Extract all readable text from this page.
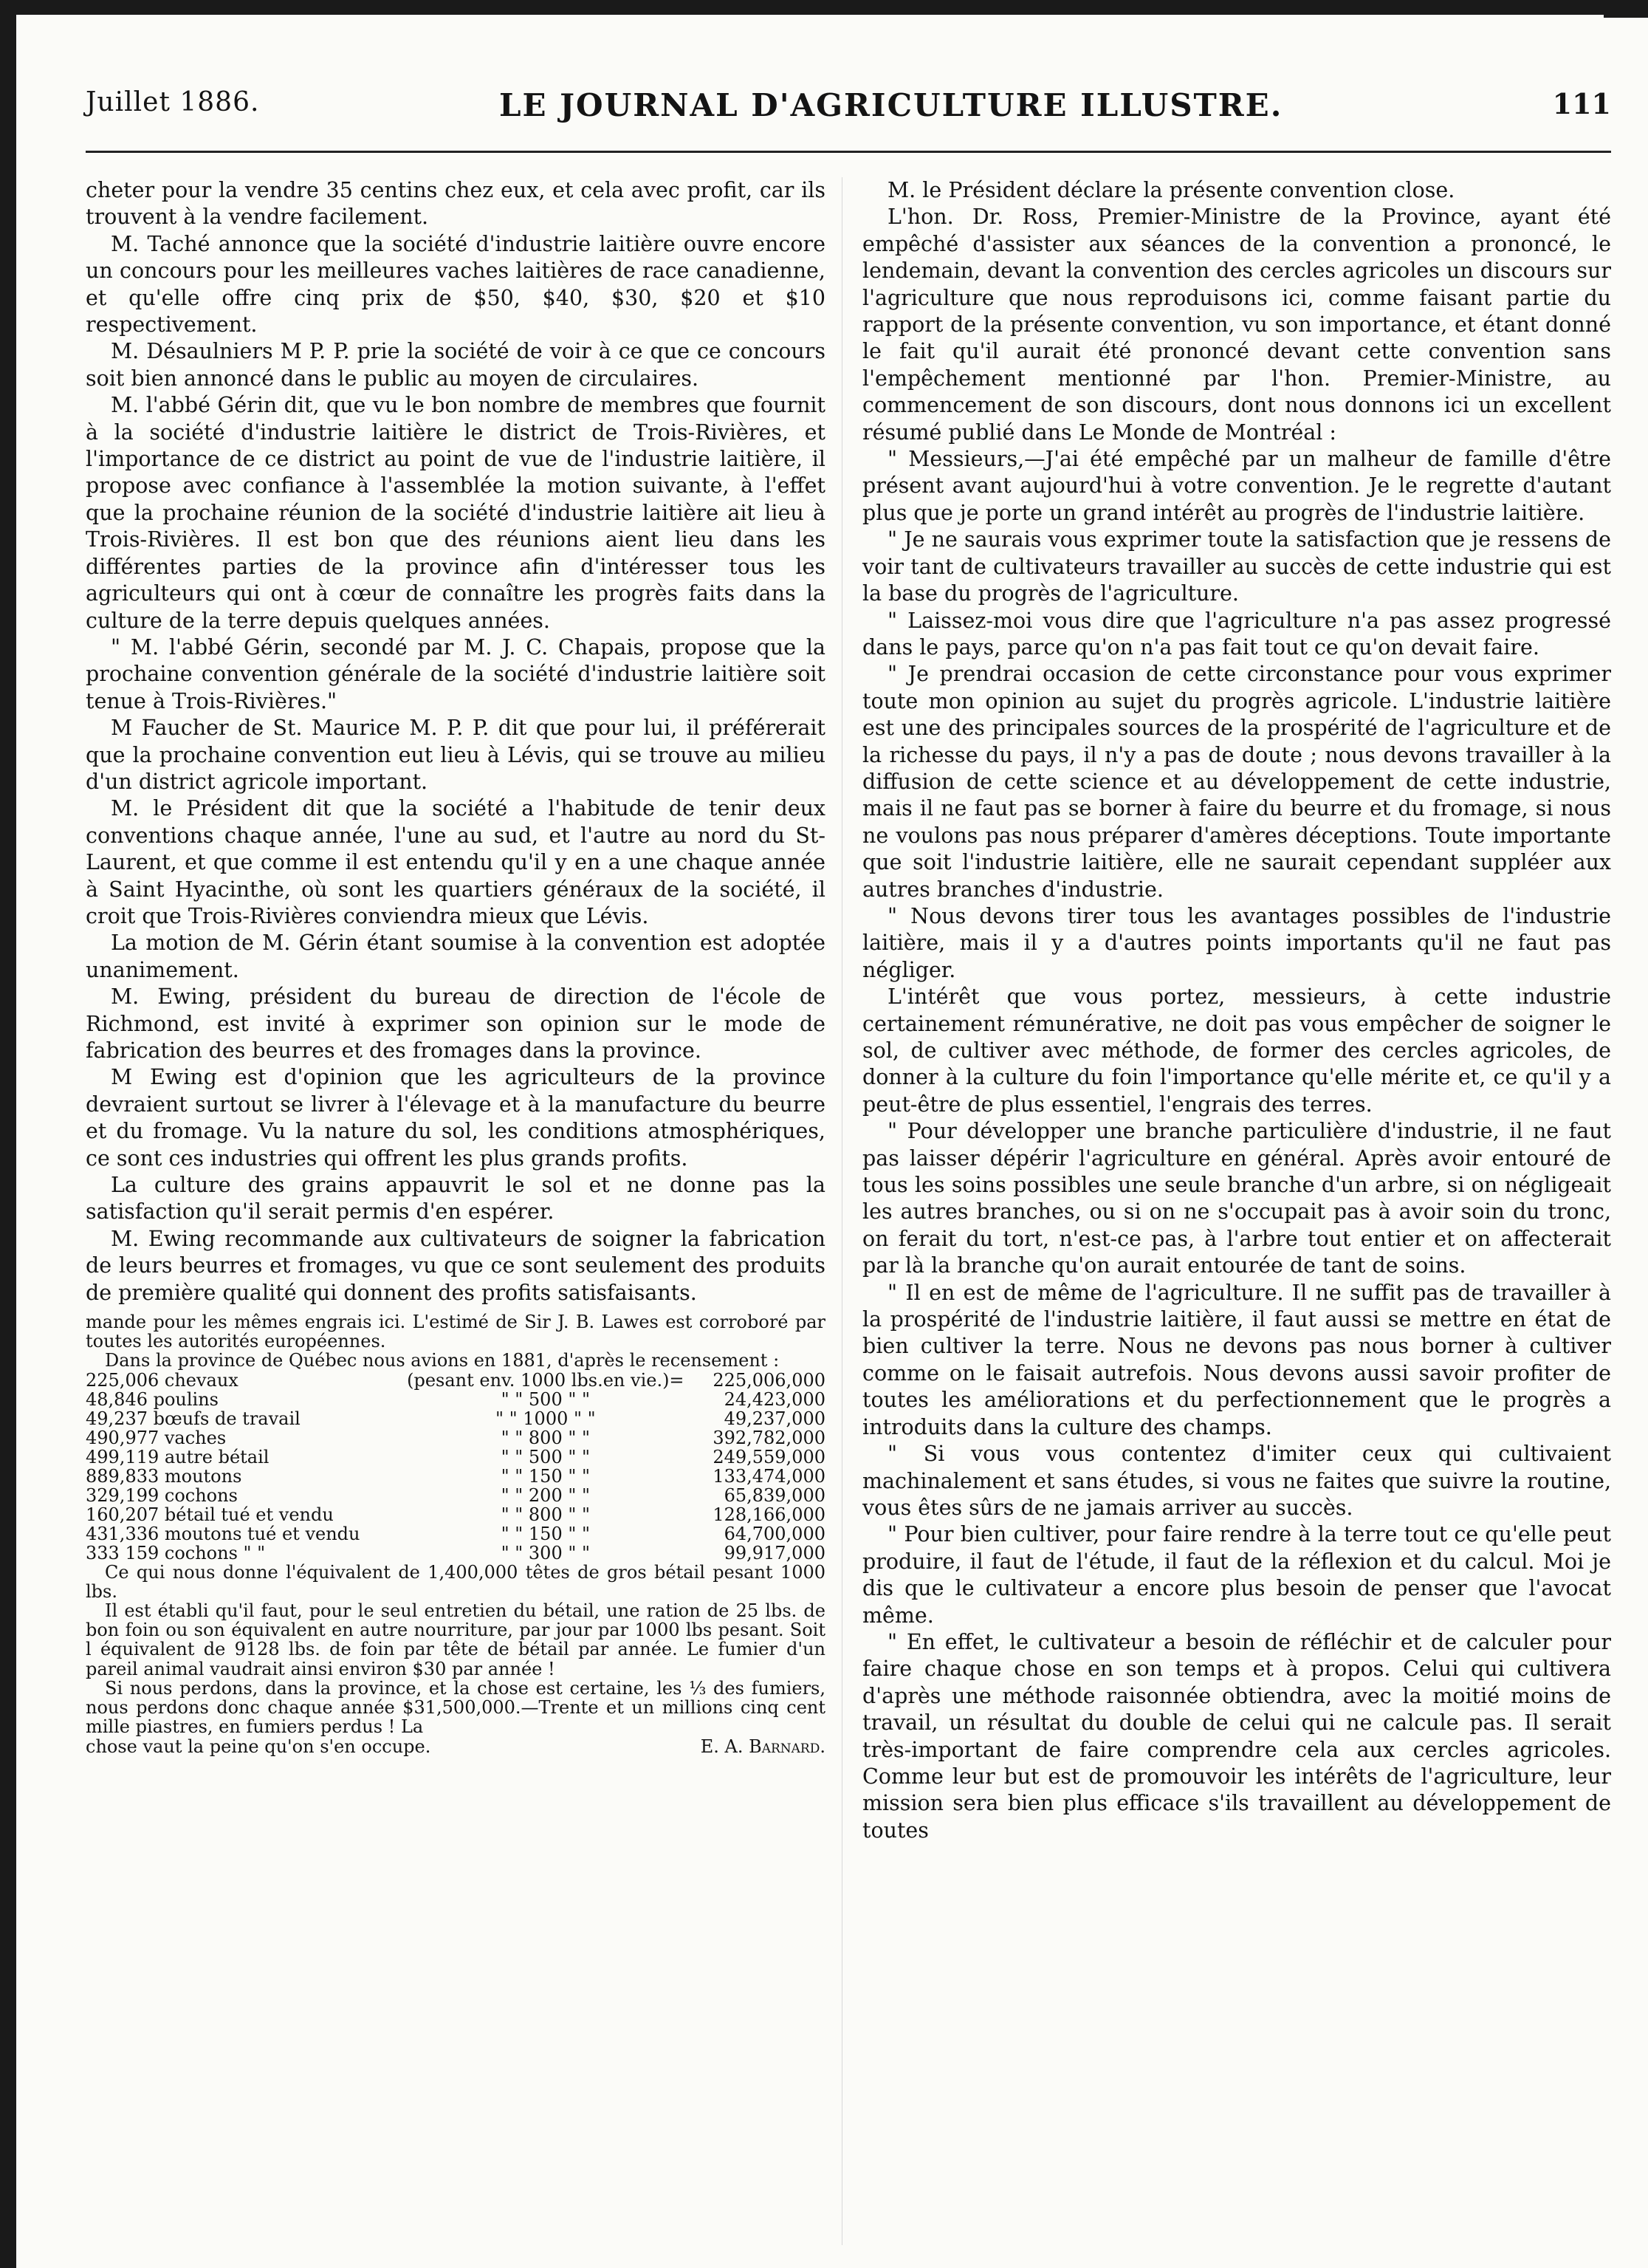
Juillet 1886.	LE JOURNAL D'AGRICULTURE ILLUSTRE.	111

cheter pour la vendre 35 centins chez eux, et cela avec profit, car ils trouvent à la vendre facilement.

M. Taché annonce que la société d'industrie laitière ouvre encore un concours pour les meilleures vaches laitières de race canadienne, et qu'elle offre cinq prix de $50, $40, $30, $20 et $10 respectivement.

M. Désaulniers M P. P. prie la société de voir à ce que ce concours soit bien annoncé dans le public au moyen de circulaires.

M. l'abbé Gérin dit, que vu le bon nombre de membres que fournit à la société d'industrie laitière le district de Trois-Rivières, et l'importance de ce district au point de vue de l'industrie laitière, il propose avec confiance à l'assemblée la motion suivante, à l'effet que la prochaine réunion de la société d'industrie laitière ait lieu à Trois-Rivières. Il est bon que des réunions aient lieu dans les différentes parties de la province afin d'intéresser tous les agriculteurs qui ont à cœur de connaître les progrès faits dans la culture de la terre depuis quelques années.

" M. l'abbé Gérin, secondé par M. J. C. Chapais, propose que la prochaine convention générale de la société d'industrie laitière soit tenue à Trois-Rivières."

M Faucher de St. Maurice M. P. P. dit que pour lui, il préférerait que la prochaine convention eut lieu à Lévis, qui se trouve au milieu d'un district agricole important.

M. le Président dit que la société a l'habitude de tenir deux conventions chaque année, l'une au sud, et l'autre au nord du St-Laurent, et que comme il est entendu qu'il y en a une chaque année à Saint Hyacinthe, où sont les quartiers généraux de la société, il croit que Trois-Rivières conviendra mieux que Lévis.

La motion de M. Gérin étant soumise à la convention est adoptée unanimement.

M. Ewing, président du bureau de direction de l'école de Richmond, est invité à exprimer son opinion sur le mode de fabrication des beurres et des fromages dans la province.

M Ewing est d'opinion que les agriculteurs de la province devraient surtout se livrer à l'élevage et à la manufacture du beurre et du fromage. Vu la nature du sol, les conditions atmosphériques, ce sont ces industries qui offrent les plus grands profits.

La culture des grains appauvrit le sol et ne donne pas la satisfaction qu'il serait permis d'en espérer.

M. Ewing recommande aux cultivateurs de soigner la fabrication de leurs beurres et fromages, vu que ce sont seulement des produits de première qualité qui donnent des profits satisfaisants.

mande pour les mêmes engrais ici. L'estimé de Sir J. B. Lawes est corroboré par toutes les autorités européennes.

Dans la province de Québec nous avions en 1881, d'après le recensement :

225,006 chevaux	(pesant env. 1000 lbs.en vie.)=	225,006,000
48,846 poulins	" " 500 " "	24,423,000
49,237 bœufs de travail	" " 1000 " "	49,237,000
490,977 vaches	" " 800 " "	392,782,000
499,119 autre bétail	" " 500 " "	249,559,000
889,833 moutons	" " 150 " "	133,474,000
329,199 cochons	" " 200 " "	65,839,000
160,207 bétail tué et vendu	" " 800 " "	128,166,000
431,336 moutons tué et vendu	" " 150 " "	64,700,000
333 159 cochons " "	" " 300 " "	99,917,000

Ce qui nous donne l'équivalent de 1,400,000 têtes de gros bétail pesant 1000 lbs.

Il est établi qu'il faut, pour le seul entretien du bétail, une ration de 25 lbs. de bon foin ou son équivalent en autre nourriture, par jour par 1000 lbs pesant. Soit l équivalent de 9128 lbs. de foin par tête de bétail par année. Le fumier d'un pareil animal vaudrait ainsi environ $30 par année !

Si nous perdons, dans la province, et la chose est certaine, les ⅓ des fumiers, nous perdons donc chaque année $31,500,000.—Trente et un millions cinq cent mille piastres, en fumiers perdus ! La

chose vaut la peine qu'on s'en occupe.	E. A. Barnard.

M. le Président déclare la présente convention close.

L'hon. Dr. Ross, Premier-Ministre de la Province, ayant été empêché d'assister aux séances de la convention a prononcé, le lendemain, devant la convention des cercles agricoles un discours sur l'agriculture que nous reproduisons ici, comme faisant partie du rapport de la présente convention, vu son importance, et étant donné le fait qu'il aurait été prononcé devant cette convention sans l'empêchement mentionné par l'hon. Premier-Ministre, au commencement de son discours, dont nous donnons ici un excellent résumé publié dans Le Monde de Montréal :

" Messieurs,—J'ai été empêché par un malheur de famille d'être présent avant aujourd'hui à votre convention. Je le regrette d'autant plus que je porte un grand intérêt au progrès de l'industrie laitière.

" Je ne saurais vous exprimer toute la satisfaction que je ressens de voir tant de cultivateurs travailler au succès de cette industrie qui est la base du progrès de l'agriculture.

" Laissez-moi vous dire que l'agriculture n'a pas assez progressé dans le pays, parce qu'on n'a pas fait tout ce qu'on devait faire.

" Je prendrai occasion de cette circonstance pour vous exprimer toute mon opinion au sujet du progrès agricole. L'industrie laitière est une des principales sources de la prospérité de l'agriculture et de la richesse du pays, il n'y a pas de doute ; nous devons travailler à la diffusion de cette science et au développement de cette industrie, mais il ne faut pas se borner à faire du beurre et du fromage, si nous ne voulons pas nous préparer d'amères déceptions. Toute importante que soit l'industrie laitière, elle ne saurait cependant suppléer aux autres branches d'industrie.

" Nous devons tirer tous les avantages possibles de l'industrie laitière, mais il y a d'autres points importants qu'il ne faut pas négliger.

L'intérêt que vous portez, messieurs, à cette industrie certainement rémunérative, ne doit pas vous empêcher de soigner le sol, de cultiver avec méthode, de former des cercles agricoles, de donner à la culture du foin l'importance qu'elle mérite et, ce qu'il y a peut-être de plus essentiel, l'engrais des terres.

" Pour développer une branche particulière d'industrie, il ne faut pas laisser dépérir l'agriculture en général. Après avoir entouré de tous les soins possibles une seule branche d'un arbre, si on négligeait les autres branches, ou si on ne s'occupait pas à avoir soin du tronc, on ferait du tort, n'est-ce pas, à l'arbre tout entier et on affecterait par là la branche qu'on aurait entourée de tant de soins.

" Il en est de même de l'agriculture. Il ne suffit pas de travailler à la prospérité de l'industrie laitière, il faut aussi se mettre en état de bien cultiver la terre. Nous ne devons pas nous borner à cultiver comme on le faisait autrefois. Nous devons aussi savoir profiter de toutes les améliorations et du perfectionnement que le progrès a introduits dans la culture des champs.

" Si vous vous contentez d'imiter ceux qui cultivaient machinalement et sans études, si vous ne faites que suivre la routine, vous êtes sûrs de ne jamais arriver au succès.

" Pour bien cultiver, pour faire rendre à la terre tout ce qu'elle peut produire, il faut de l'étude, il faut de la réflexion et du calcul. Moi je dis que le cultivateur a encore plus besoin de penser que l'avocat même.

" En effet, le cultivateur a besoin de réfléchir et de calculer pour faire chaque chose en son temps et à propos. Celui qui cultivera d'après une méthode raisonnée obtiendra, avec la moitié moins de travail, un résultat du double de celui qui ne calcule pas. Il serait très-important de faire comprendre cela aux cercles agricoles. Comme leur but est de promouvoir les intérêts de l'agriculture, leur mission sera bien plus efficace s'ils travaillent au développement de toutes
